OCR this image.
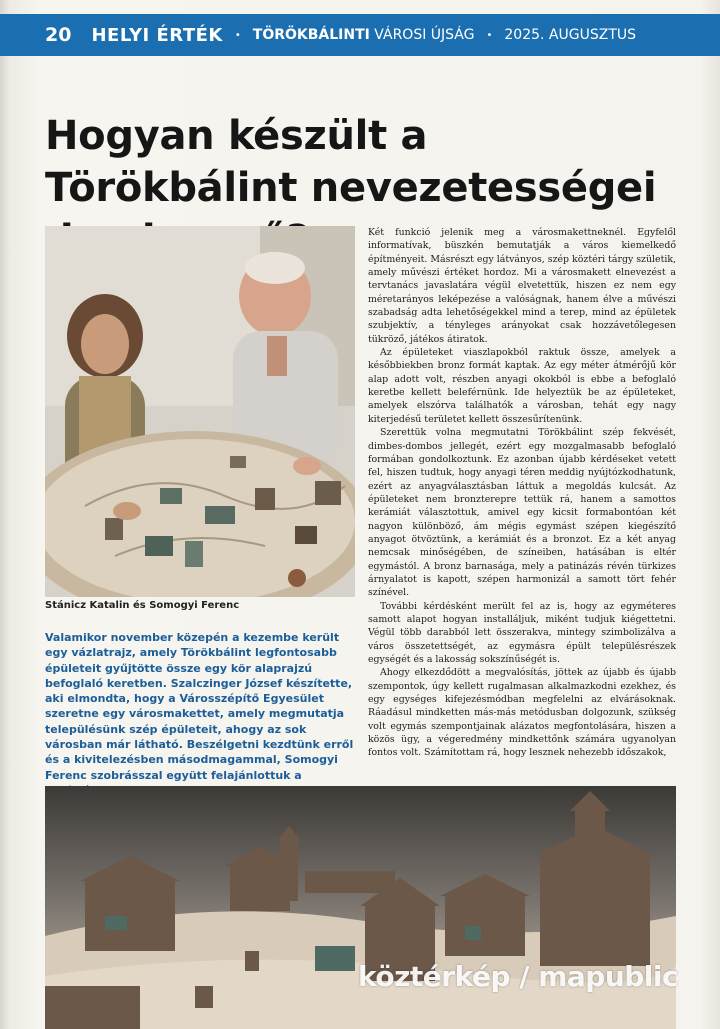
20 HELYI ÉRTÉK • TÖRÖKBÁLINTI VÁROSI ÚJSÁG • 2025. AUGUSZTUS
Hogyan készült a Törökbálint nevezetességei
Stánicz Katalin és Somogyi Ferenc

Valamikor november közepén a kezembe került egy vázlatrajz, amely Törökbálint legfontosabb épületeit gyűjtötte össze egy kör alaprajzú befoglaló keretben. Szalczinger József készítette, aki elmondta, hogy a Városszépítő Egyesület szeretne egy városmakettet, amely megmutatja településünk szép épületeit, ahogy az sok városban már látható. Beszélgetni kezdtünk erről és a kivitelezésben másodmagammal, Somogyi Ferenc szobrásszal együtt felajánlottuk a

Két funkció jelenik meg a városmakettneknél. Egyfelől informatívak, büszkén bemutatják a város kiemelkedő építményeit. Másrészt egy látványos, szép köztéri tárgy születik, amely művészi értéket hordoz. Mi a városmakett elnevezést a tervtanács javaslatára végül elvetettük, hiszen ez nem egy méretarányos leképezése a valóságnak, hanem élve a művészi szabadság adta lehetőségekkel mind a terep, mind az épületek szubjektív, a tényleges arányokat csak hozzávetőlegesen tükröző, játékos átiratok.

Az épületeket viaszlapokból raktuk össze, amelyek a későbbiekben bronz formát kaptak. Az egy méter átmérőjű kör alap adott volt, részben anyagi okokból is ebbe a befoglaló keretbe kellett beleférnünk. Ide helyeztük be az épületeket, amelyek elszórva találhatók a városban, tehát egy nagy kiterjedésű területet kellett összesűrítenünk.

Szerettük volna megmutatni Törökbálint szép fekvését, dimbes-dombos jellegét, ezért egy mozgalmasabb befoglaló formában gondolkoztunk. Ez azonban újabb kérdéseket vetett fel, hiszen tudtuk, hogy anyagi téren meddig nyújtózkodhatunk, ezért az anyagválasztásban láttuk a megoldás kulcsát. Az épületeket nem bronzterepre tettük rá, hanem a samottos kerámiát választottuk, amivel egy kicsit formabontóan két nagyon különböző, ám mégis egymást szépen kiegészítő anyagot ötvöztünk, a kerámiát és a bronzot. Ez a két anyag nemcsak minőségében, de színeiben, hatásában is eltér egymástól. A bronz barnasága, mely a patinázás révén türkizes árnyalatot is kapott, szépen harmonizál a samott tört fehér színével.

További kérdésként merült fel az is, hogy az egyméteres samott alapot hogyan installáljuk, miként tudjuk kiégettetni. Végül több darabból lett összerakva, mintegy szimbolizálva a város összetettségét, az egymásra épült településrészek egységét és a lakosság sokszínűségét is.

Ahogy elkezdődött a megvalósítás, jöttek az újabb és újabb szempontok, úgy kellett rugalmasan alkalmazkodni ezekhez, és egy egységes kifejezésmódban megfelelni az elvárásoknak. Ráadásul mindketten más-más metódusban dolgozunk, szükség volt egymás szempontjainak alázatos megfontolására, hiszen a közös ügy, a végeredmény mindkettőnk számára ugyanolyan fontos volt. Számítottam rá, hogy lesznek nehezebb időszakok,

köztérkép / mapublic
